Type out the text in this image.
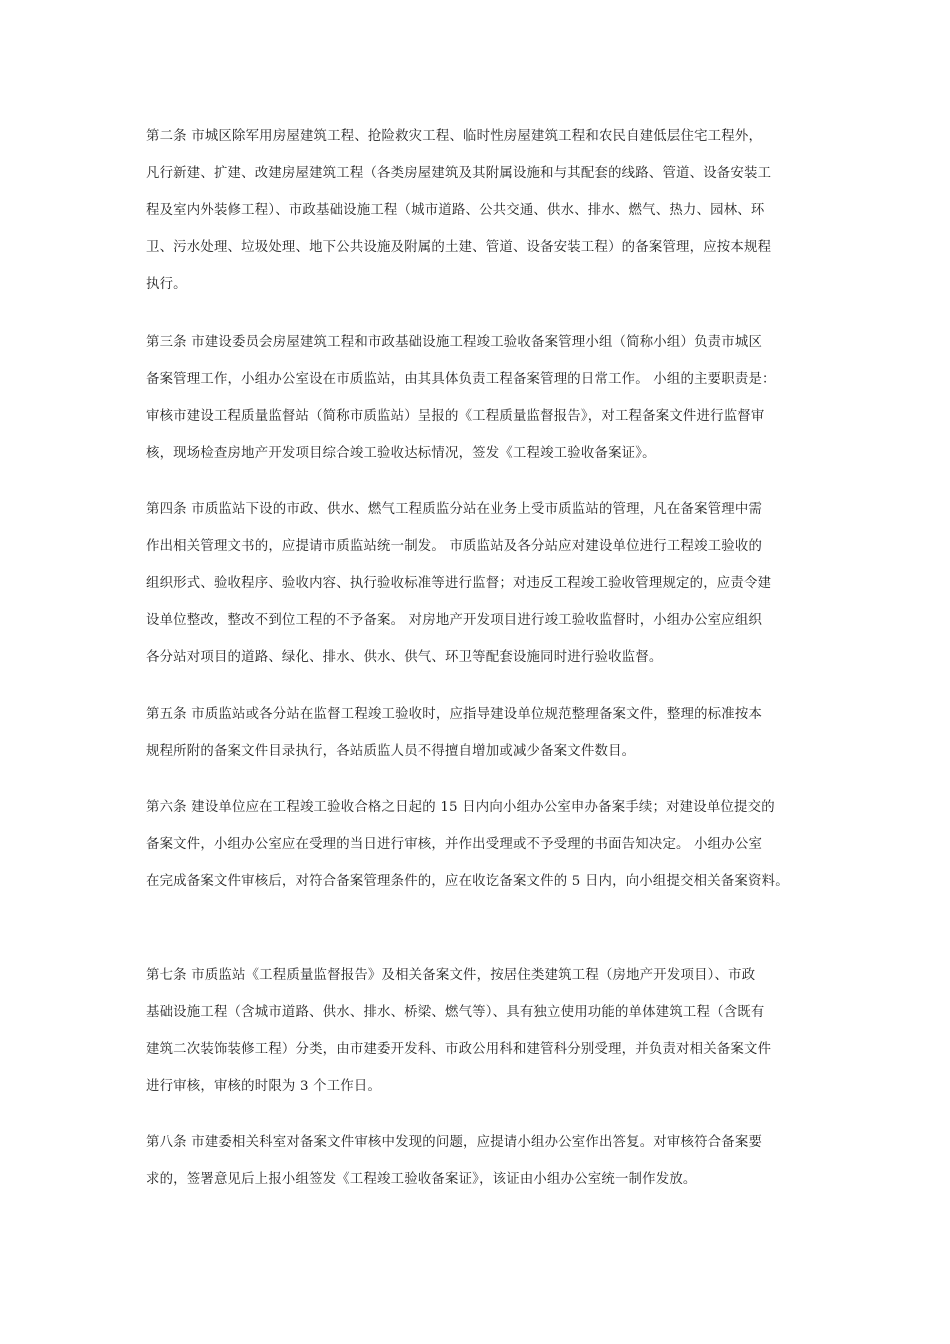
第二条 市城区除军用房屋建筑工程、抢险救灾工程、临时性房屋建筑工程和农民自建低层住宅工程外，
凡行新建、扩建、改建房屋建筑工程（各类房屋建筑及其附属设施和与其配套的线路、管道、设备安装工
程及室内外装修工程）、市政基础设施工程（城市道路、公共交通、供水、排水、燃气、热力、园林、环
卫、污水处理、垃圾处理、地下公共设施及附属的土建、管道、设备安装工程）的备案管理，应按本规程
执行。
第三条 市建设委员会房屋建筑工程和市政基础设施工程竣工验收备案管理小组（简称小组）负责市城区
备案管理工作，小组办公室设在市质监站，由其具体负责工程备案管理的日常工作。 小组的主要职责是：
审核市建设工程质量监督站（简称市质监站）呈报的《工程质量监督报告》，对工程备案文件进行监督审
核，现场检查房地产开发项目综合竣工验收达标情况，签发《工程竣工验收备案证》。
第四条 市质监站下设的市政、供水、燃气工程质监分站在业务上受市质监站的管理，凡在备案管理中需
作出相关管理文书的，应提请市质监站统一制发。 市质监站及各分站应对建设单位进行工程竣工验收的
组织形式、验收程序、验收内容、执行验收标准等进行监督；对违反工程竣工验收管理规定的，应责令建
设单位整改，整改不到位工程的不予备案。 对房地产开发项目进行竣工验收监督时，小组办公室应组织
各分站对项目的道路、绿化、排水、供水、供气、环卫等配套设施同时进行验收监督。
第五条 市质监站或各分站在监督工程竣工验收时，应指导建设单位规范整理备案文件，整理的标准按本
规程所附的备案文件目录执行，各站质监人员不得擅自增加或减少备案文件数目。
第六条 建设单位应在工程竣工验收合格之日起的 15 日内向小组办公室申办备案手续；对建设单位提交的
备案文件，小组办公室应在受理的当日进行审核，并作出受理或不予受理的书面告知决定。 小组办公室
在完成备案文件审核后，对符合备案管理条件的，应在收讫备案文件的 5 日内，向小组提交相关备案资料。
第七条 市质监站《工程质量监督报告》及相关备案文件，按居住类建筑工程（房地产开发项目）、市政
基础设施工程（含城市道路、供水、排水、桥梁、燃气等）、具有独立使用功能的单体建筑工程（含既有
建筑二次装饰装修工程）分类，由市建委开发科、市政公用科和建管科分别受理，并负责对相关备案文件
进行审核，审核的时限为 3 个工作日。
第八条 市建委相关科室对备案文件审核中发现的问题，应提请小组办公室作出答复。对审核符合备案要
求的，签署意见后上报小组签发《工程竣工验收备案证》，该证由小组办公室统一制作发放。
